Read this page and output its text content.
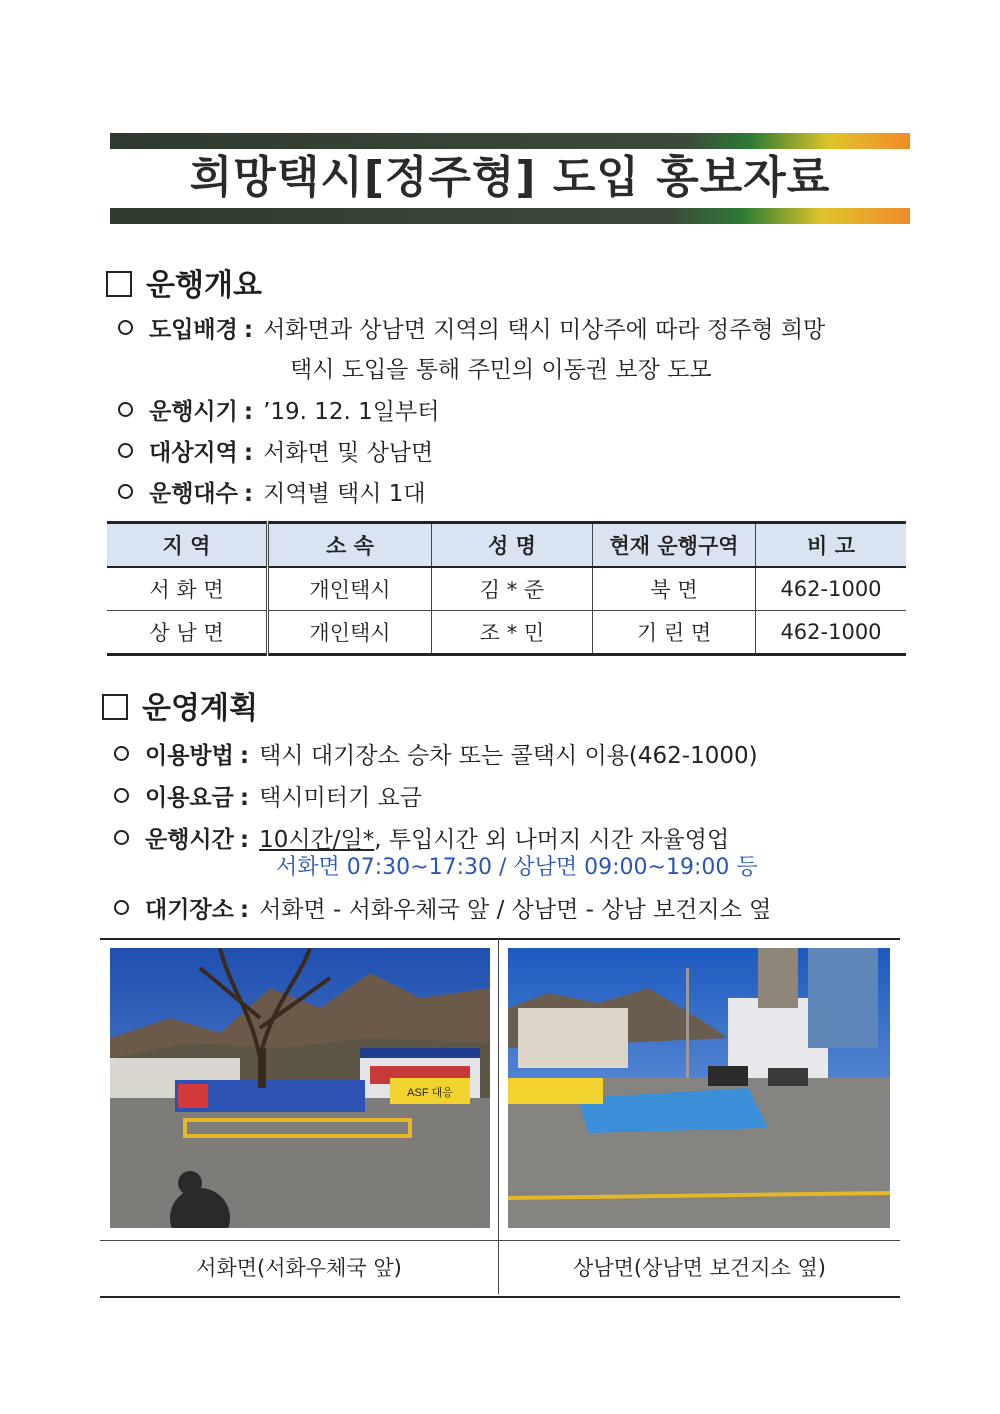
희망택시[정주형] 도입 홍보자료
운행개요
도입배경 : 서화면과 상남면 지역의 택시 미상주에 따라 정주형 희망
택시 도입을 통해 주민의 이동권 보장 도모
운행시기 : ’19. 12. 1일부터
대상지역 : 서화면 및 상남면
운행대수 : 지역별 택시 1대
지 역	소 속	성 명	현재 운행구역	비 고
서 화 면	개인택시	김 * 준	북 면	462-1000
상 남 면	개인택시	조 * 민	기 린 면	462-1000
운영계획
이용방법 : 택시 대기장소 승차 또는 콜택시 이용(462-1000)
이용요금 : 택시미터기 요금
운행시간 : 10시간/일*, 투입시간 외 나머지 시간 자율영업
서화면 07:30~17:30 / 상남면 09:00~19:00 등
대기장소 : 서화면 - 서화우체국 앞 / 상남면 - 상남 보건지소 옆
ASF 대응
서화면(서화우체국 앞)	상남면(상남면 보건지소 옆)
